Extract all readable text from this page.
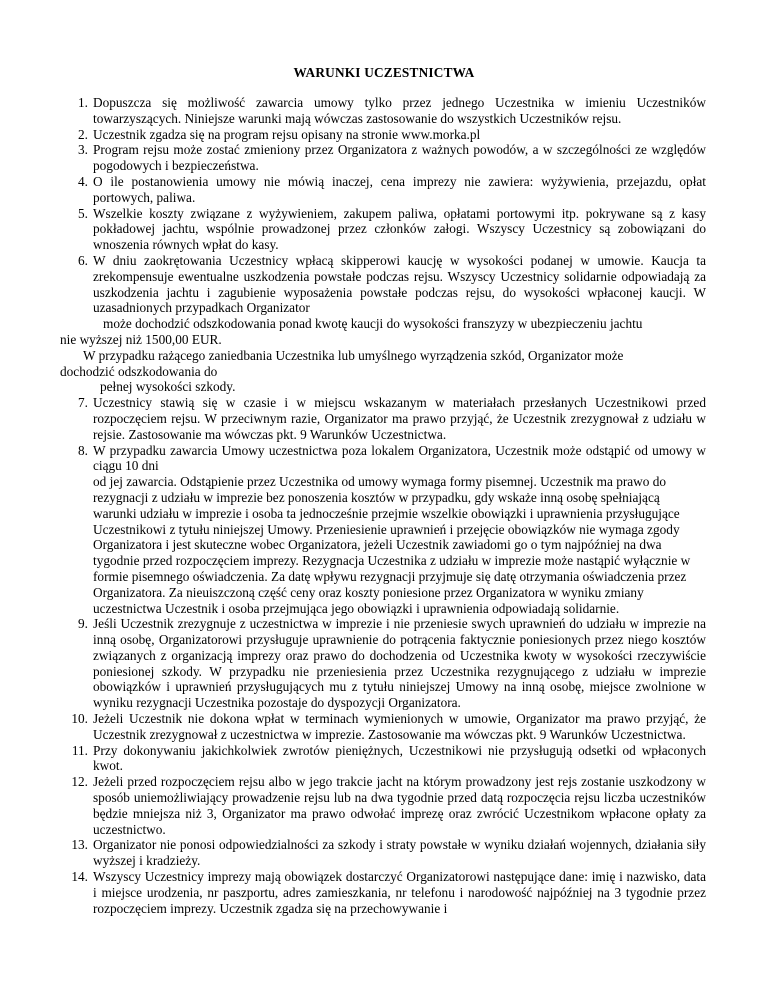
WARUNKI UCZESTNICTWA
1. Dopuszcza się możliwość zawarcia umowy tylko przez jednego Uczestnika w imieniu Uczestników towarzyszących. Niniejsze warunki mają wówczas zastosowanie do wszystkich Uczestników rejsu.
2. Uczestnik zgadza się na program rejsu opisany na stronie www.morka.pl
3. Program rejsu może zostać zmieniony przez Organizatora z ważnych powodów, a w szczególności ze względów pogodowych i bezpieczeństwa.
4. O ile postanowienia umowy nie mówią inaczej, cena imprezy nie zawiera: wyżywienia, przejazdu, opłat portowych, paliwa.
5. Wszelkie koszty związane z wyżywieniem, zakupem paliwa, opłatami portowymi itp. pokrywane są z kasy pokładowej jachtu, wspólnie prowadzonej przez członków załogi. Wszyscy Uczestnicy są zobowiązani do wnoszenia równych wpłat do kasy.
6. W dniu zaokrętowania Uczestnicy wpłacą skipperowi kaucję w wysokości podanej w umowie. Kaucja ta zrekompensuje ewentualne uszkodzenia powstałe podczas rejsu. Wszyscy Uczestnicy solidarnie odpowiadają za uszkodzenia jachtu i zagubienie wyposażenia powstałe podczas rejsu, do wysokości wpłaconej kaucji. W uzasadnionych przypadkach Organizator
może dochodzić odszkodowania ponad kwotę kaucji do wysokości franszyzy w ubezpieczeniu jachtu
nie wyższej niż 1500,00 EUR.
W przypadku rażącego zaniedbania Uczestnika lub umyślnego wyrządzenia szkód, Organizator może
dochodzić odszkodowania do
pełnej wysokości szkody.
7. Uczestnicy stawią się w czasie i w miejscu wskazanym w materiałach przesłanych Uczestnikowi przed rozpoczęciem rejsu. W przeciwnym razie, Organizator ma prawo przyjąć, że Uczestnik zrezygnował z udziału w rejsie. Zastosowanie ma wówczas pkt. 9 Warunków Uczestnictwa.
8. W przypadku zawarcia Umowy uczestnictwa poza lokalem Organizatora, Uczestnik może odstąpić od umowy w ciągu 10 dni
od jej zawarcia. Odstąpienie przez Uczestnika od umowy wymaga formy pisemnej. Uczestnik ma prawo do rezygnacji z udziału w imprezie bez ponoszenia kosztów w przypadku, gdy wskaże inną osobę spełniającą warunki udziału w imprezie i osoba ta jednocześnie przejmie wszelkie obowiązki i uprawnienia przysługujące Uczestnikowi z tytułu niniejszej Umowy. Przeniesienie uprawnień i przejęcie obowiązków nie wymaga zgody Organizatora i jest skuteczne wobec Organizatora, jeżeli Uczestnik zawiadomi go o tym najpóźniej na dwa tygodnie przed rozpoczęciem imprezy. Rezygnacja Uczestnika z udziału w imprezie może nastąpić wyłącznie w formie pisemnego oświadczenia. Za datę wpływu rezygnacji przyjmuje się datę otrzymania oświadczenia przez Organizatora. Za nieuiszczoną część ceny oraz koszty poniesione przez Organizatora w wyniku zmiany uczestnictwa Uczestnik i osoba przejmująca jego obowiązki i uprawnienia odpowiadają solidarnie.
9. Jeśli Uczestnik zrezygnuje z uczestnictwa w imprezie i nie przeniesie swych uprawnień do udziału w imprezie na inną osobę, Organizatorowi przysługuje uprawnienie do potrącenia faktycznie poniesionych przez niego kosztów związanych z organizacją imprezy oraz prawo do dochodzenia od Uczestnika kwoty w wysokości rzeczywiście poniesionej szkody. W przypadku nie przeniesienia przez Uczestnika rezygnującego z udziału w imprezie obowiązków i uprawnień przysługujących mu z tytułu niniejszej Umowy na inną osobę, miejsce zwolnione w wyniku rezygnacji Uczestnika pozostaje do dyspozycji Organizatora.
10. Jeżeli Uczestnik nie dokona wpłat w terminach wymienionych w umowie, Organizator ma prawo przyjąć, że Uczestnik zrezygnował z uczestnictwa w imprezie. Zastosowanie ma wówczas pkt. 9 Warunków Uczestnictwa.
11. Przy dokonywaniu jakichkolwiek zwrotów pieniężnych, Uczestnikowi nie przysługują odsetki od wpłaconych kwot.
12. Jeżeli przed rozpoczęciem rejsu albo w jego trakcie jacht na którym prowadzony jest rejs zostanie uszkodzony w sposób uniemożliwiający prowadzenie rejsu lub na dwa tygodnie przed datą rozpoczęcia rejsu liczba uczestników będzie mniejsza niż 3, Organizator ma prawo odwołać imprezę oraz zwrócić Uczestnikom wpłacone opłaty za uczestnictwo.
13. Organizator nie ponosi odpowiedzialności za szkody i straty powstałe w wyniku działań wojennych, działania siły wyższej i kradzieży.
14. Wszyscy Uczestnicy imprezy mają obowiązek dostarczyć Organizatorowi następujące dane: imię i nazwisko, data i miejsce urodzenia, nr paszportu, adres zamieszkania, nr telefonu i narodowość najpóźniej na 3 tygodnie przez rozpoczęciem imprezy. Uczestnik zgadza się na przechowywanie i
